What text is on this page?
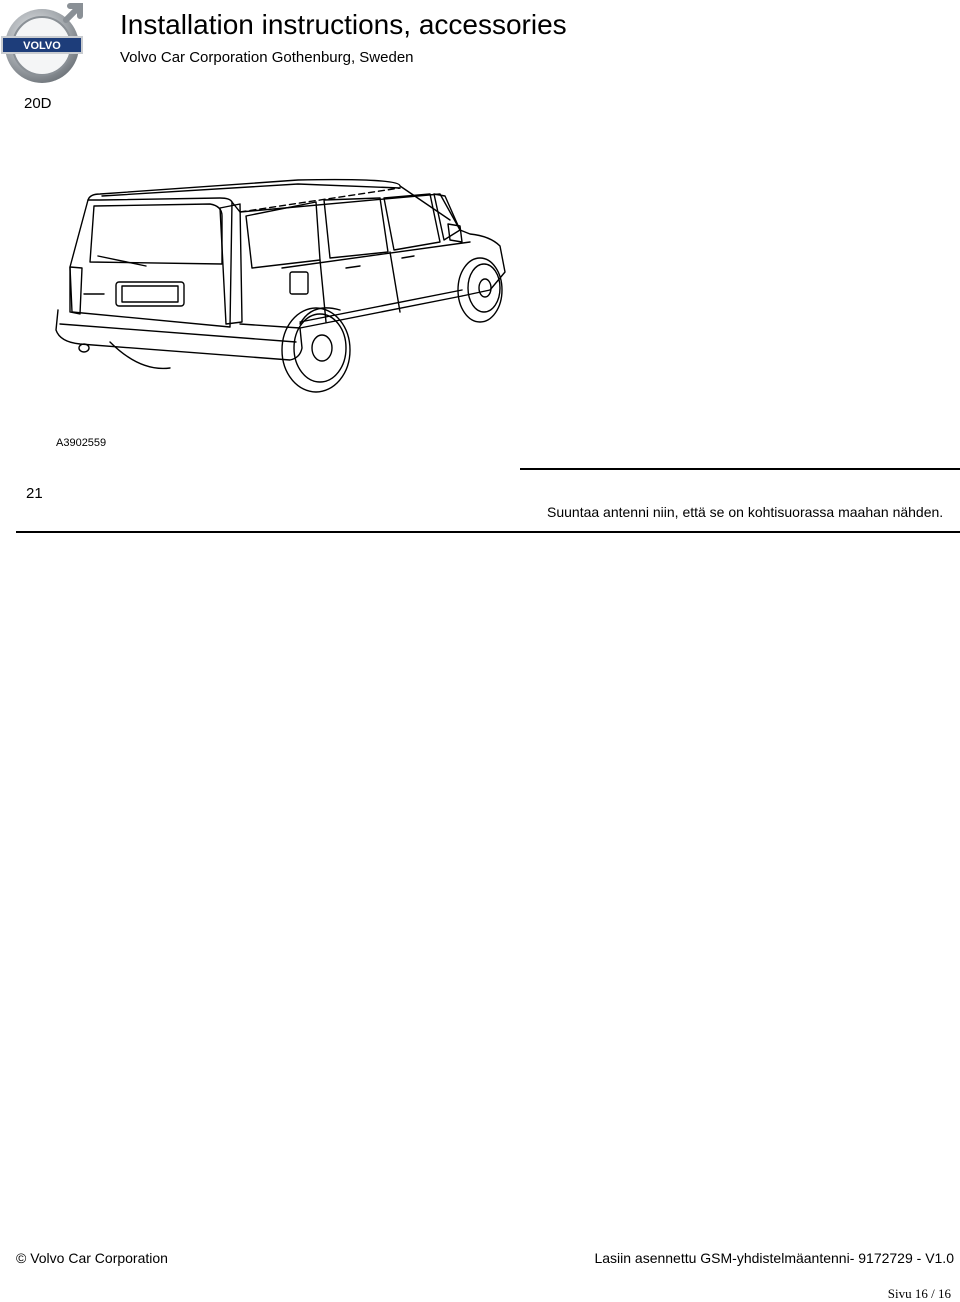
VOLVO
Installation instructions, accessories
Volvo Car Corporation Gothenburg, Sweden
20D
A3902559
21
Suuntaa antenni niin, että se on kohtisuorassa maahan nähden.
© Volvo Car Corporation	Lasiin asennettu GSM-yhdistelmäantenni- 9172729 - V1.0
Sivu 16 / 16
